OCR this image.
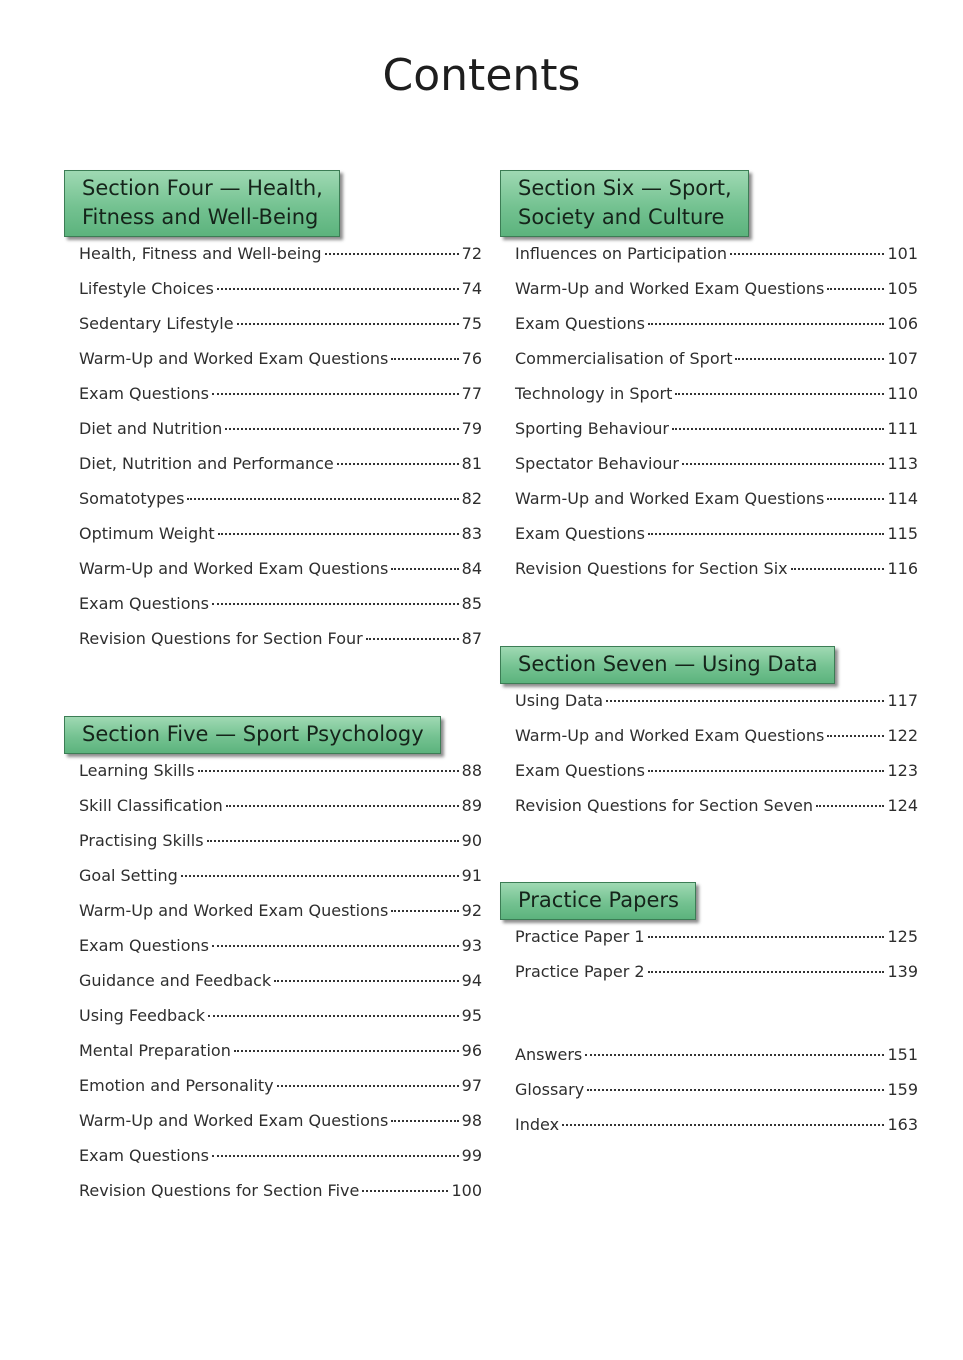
Contents
Section Four — Health,
Fitness and Well-Being
Health, Fitness and Well-being	72
Lifestyle Choices	74
Sedentary Lifestyle	75
Warm-Up and Worked Exam Questions	76
Exam Questions	77
Diet and Nutrition	79
Diet, Nutrition and Performance	81
Somatotypes	82
Optimum Weight	83
Warm-Up and Worked Exam Questions	84
Exam Questions	85
Revision Questions for Section Four	87
Section Five — Sport Psychology
Learning Skills	88
Skill Classification	89
Practising Skills	90
Goal Setting	91
Warm-Up and Worked Exam Questions	92
Exam Questions	93
Guidance and Feedback	94
Using Feedback	95
Mental Preparation	96
Emotion and Personality	97
Warm-Up and Worked Exam Questions	98
Exam Questions	99
Revision Questions for Section Five	100
Section Six — Sport,
Society and Culture
Influences on Participation	101
Warm-Up and Worked Exam Questions	105
Exam Questions	106
Commercialisation of Sport	107
Technology in Sport	110
Sporting Behaviour	111
Spectator Behaviour	113
Warm-Up and Worked Exam Questions	114
Exam Questions	115
Revision Questions for Section Six	116
Section Seven — Using Data
Using Data	117
Warm-Up and Worked Exam Questions	122
Exam Questions	123
Revision Questions for Section Seven	124
Practice Papers
Practice Paper 1	125
Practice Paper 2	139
Answers	151
Glossary	159
Index	163
